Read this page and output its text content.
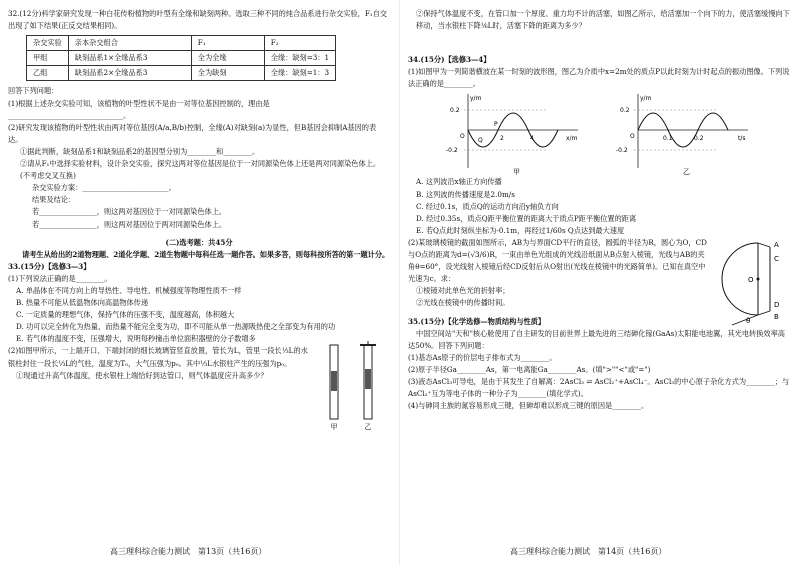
32.(12分)科学家研究发现一种白花传粉植物的叶型有全缘和缺刻两种。选取三种不同的纯合品系进行杂交实验，F₁自交出现了如下结果(正反交结果相同)。

杂交实验	亲本杂交组合	F₁	F₂
甲组	缺刻品系1×全缘品系3	全为全缘	全缘：缺刻=3：1
乙组	缺刻品系2×全缘品系3	全为缺刻	全缘：缺刻=1：3

回答下列问题：

(1)根据上述杂交实验可知，该植物的叶型性状不是由一对等位基因控制的，理由是

________________________________。

(2)研究发现该植物的叶型性状由两对等位基因(A/a,B/b)控制，全缘(A)对缺刻(a)为显性，但B基因会抑制A基因的表达。

①据此判断，缺刻品系1和缺刻品系2的基因型分别为________和________。

②请从F₁中选择实验材料，设计杂交实验，探究这两对等位基因是位于一对同源染色体上还是两对同源染色体上。(不考虑交叉互换)

杂交实验方案：________________________。

结果及结论：

若________________，则这两对基因位于一对同源染色体上。

若________________，则这两对基因位于两对同源染色体上。

(二)选考题：共45分

请考生从给出的2道物理题、2道化学题、2道生物题中每科任选一题作答。如果多答，则每科按所答的第一题计分。

33.(15分)【选修3—3】

(1)下列说法正确的是________。

A. 单晶体在不同方向上的导热性、导电性、机械强度等物理性质不一样

B. 热量不可能从低温物体向高温物体传递

C. 一定质量的理想气体，保持气体的压强不变，温度越高，体积越大

D. 功可以完全转化为热量，而热量不能完全变为功，即不可能从单一热源吸热使之全部变为有用的功

E. 若气体的温度不变，压强增大，说明每秒撞击单位面积器壁的分子数增多

(2)如图甲所示，一上端开口、下端封闭的细长玻璃管竖直放置，管长为L，管里一段长⅓L的水银柱封住一段长⅓L的气柱，温度为T₀，大气压强为p₀。其中⅓L水银柱产生的压强为p₀。

①现通过升高气体温度，使水银柱上端恰好到达管口，则气体温度应升高多少？

甲	乙
高三理科综合能力测试　第13页（共16页）

②保持气体温度不变，在管口加一个厚度、重力均不计的活塞，如图乙所示，给活塞加一个向下的力，使活塞缓慢向下移动，当水银柱下降⅙L时，活塞下降的距离为多少？

34.(15分)【选修3—4】

(1)如图甲为一列简谐横波在某一时刻的波形图，图乙为介质中x=2m处的质点P以此时刻为计时起点的振动图像。下列说法正确的是________。

y/m
x/m
0.2
-0.2
2	4
O
P
Q
甲
y/m
t/s
0.2
-0.2
0.1	0.2
O
乙

A. 这列波沿x轴正方向传播

B. 这列波的传播速度是2.0m/s

C. 经过0.1s，质点Q的运动方向沿y轴负方向

D. 经过0.35s，质点Q距平衡位置的距离大于质点P距平衡位置的距离

E. 若Q点此时刻纵坐标为-0.1m，再经过1/60s Q点达到最大速度

(2)某玻璃棱镜的截面如图所示，AB为与界面CD平行的直径，圆弧的半径为R，圆心为O，CD与O点的距离为d=(√3/6)R，一束由单色光组成的光线沿纸面从B点射入棱镜，光线与AB的夹角θ=60°，设光线射入棱镜后经CD反射后从O射出(光线在棱镜中的光路简单)。已知在真空中光速为c。求：

①棱镜对此单色光的折射率；

②光线在棱镜中的传播时间。

A
B
C
D
O
θ

35.(15分)【化学选修—物质结构与性质】

中国空间站"天和"核心舱使用了自主研发的目前世界上最先进的三结砷化镓(GaAs)太阳能电池翼，其光电转换效率高达50%。回答下列问题：

(1)基态As原子的价层电子排布式为________。

(2)原子半径Ga________As，第一电离能Ga________As。(填">""<"或"=")

(3)液态AsCl₃可导电，是由于其发生了自解离：2AsCl₃ ⇌ AsCl₂⁺+AsCl₄⁻。AsCl₃的中心原子杂化方式为________；与AsCl₂⁺互为等电子体的一种分子为________(填化学式)。

(4)与砷同主族的氮容易形成三键，但砷却难以形成三键的原因是________。

高三理科综合能力测试　第14页（共16页）
